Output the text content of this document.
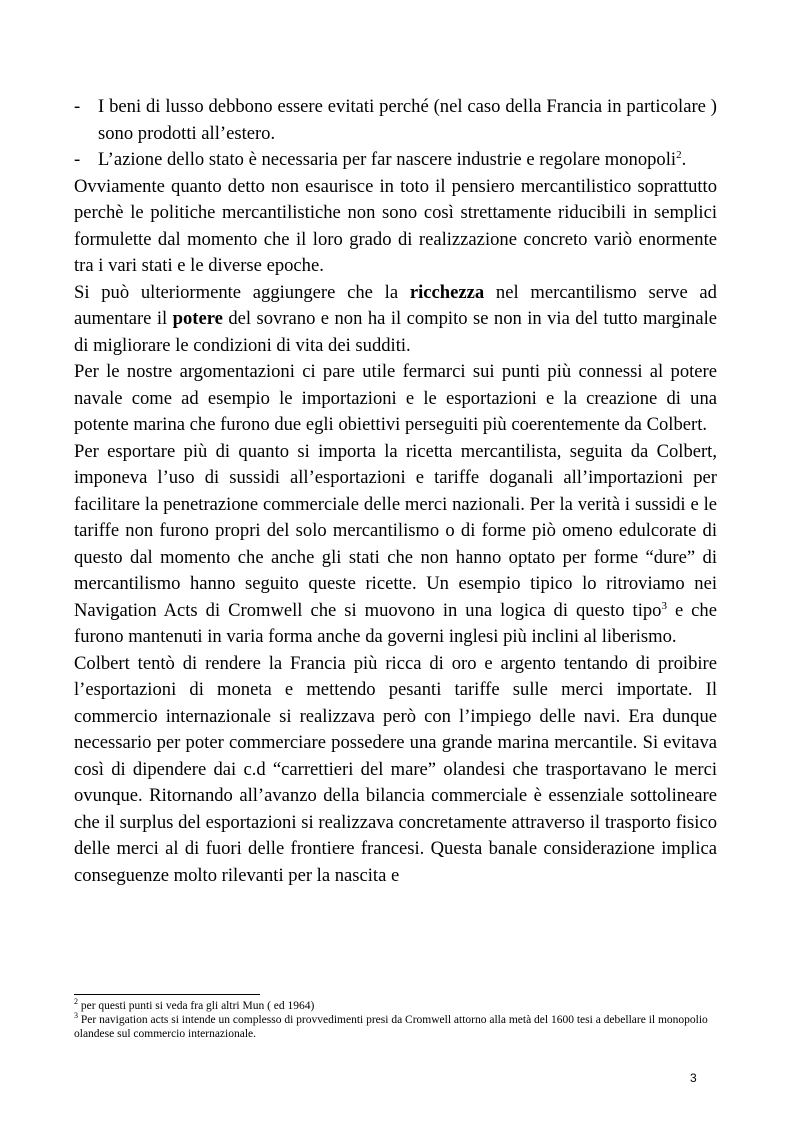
- I beni di lusso debbono essere evitati perché (nel caso della Francia in particolare ) sono prodotti all’estero.
- L’azione dello stato è necessaria per far nascere industrie e regolare monopoli$^2$.

Ovviamente quanto detto non esaurisce in toto il pensiero mercantilistico soprattutto perchè le politiche mercantilistiche non sono così strettamente riducibili in semplici formulette dal momento che il loro grado di realizzazione concreto variò enormente tra i vari stati e le diverse epoche.

Si può ulteriormente aggiungere che la ricchezza nel mercantilismo serve ad aumentare il potere del sovrano e non ha il compito se non in via del tutto marginale di migliorare le condizioni di vita dei sudditi.

Per le nostre argomentazioni ci pare utile fermarci sui punti più connessi al potere navale come ad esempio le importazioni e le esportazioni e la creazione di una potente marina che furono due egli obiettivi perseguiti più coerentemente da Colbert.

Per esportare più di quanto si importa la ricetta mercantilista, seguita da Colbert, imponeva l’uso di sussidi all’esportazioni e tariffe doganali all’importazioni per facilitare la penetrazione commerciale delle merci nazionali. Per la verità i sussidi e le tariffe non furono propri del solo mercantilismo o di forme piò omeno edulcorate di questo dal momento che anche gli stati che non hanno optato per forme “dure” di mercantilismo hanno seguito queste ricette. Un esempio tipico lo ritroviamo nei Navigation Acts di Cromwell che si muovono in una logica di questo tipo$^3$ e che furono mantenuti in varia forma anche da governi inglesi più inclini al liberismo.

Colbert tentò di rendere la Francia più ricca di oro e argento tentando di proibire l’esportazioni di moneta e mettendo pesanti tariffe sulle merci importate. Il commercio internazionale si realizzava però con l’impiego delle navi. Era dunque necessario per poter commerciare possedere una grande marina mercantile. Si evitava così di dipendere dai c.d “carrettieri del mare” olandesi che trasportavano le merci ovunque. Ritornando all’avanzo della bilancia commerciale è essenziale sottolineare che il surplus del esportazioni si realizzava concretamente attraverso il trasporto fisico delle merci al di fuori delle frontiere francesi. Questa banale considerazione implica conseguenze molto rilevanti per la nascita e

$^2$ per questi punti si veda fra gli altri Mun ( ed 1964)

$^3$ Per navigation acts si intende un complesso di provvedimenti presi da Cromwell attorno alla metà del 1600 tesi a debellare il monopolio olandese sul commercio internazionale.

3
